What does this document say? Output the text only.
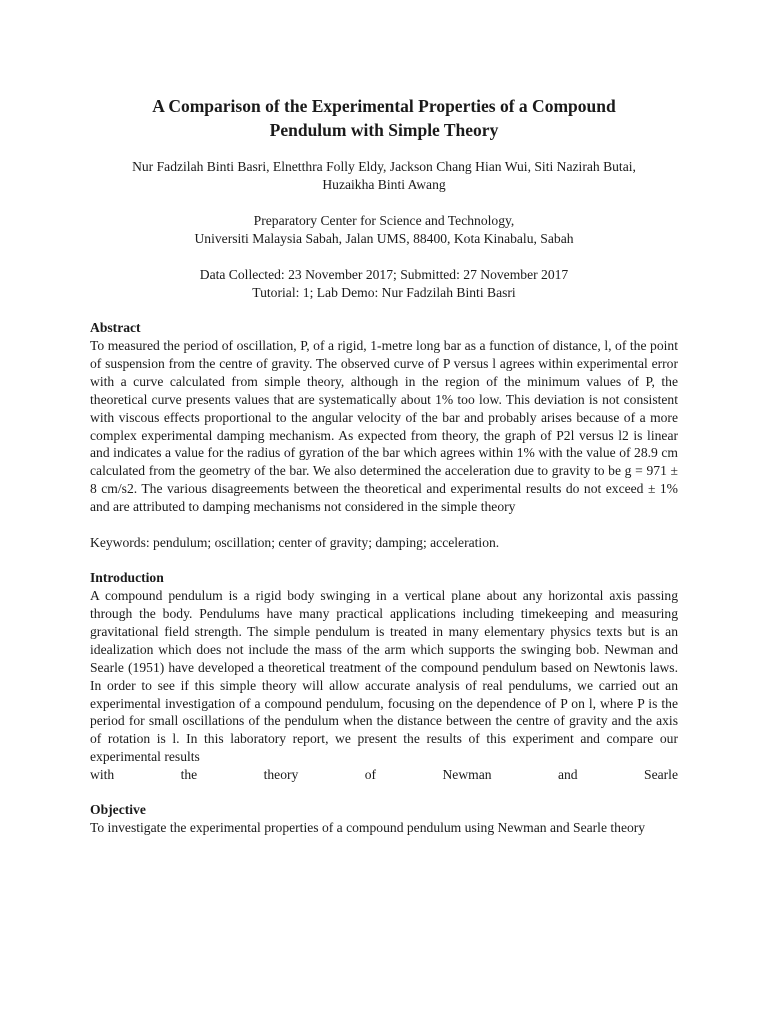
A Comparison of the Experimental Properties of a Compound
Pendulum with Simple Theory
Nur Fadzilah Binti Basri, Elnetthra Folly Eldy, Jackson Chang Hian Wui, Siti Nazirah Butai,
Huzaikha Binti Awang
Preparatory Center for Science and Technology,
Universiti Malaysia Sabah, Jalan UMS, 88400, Kota Kinabalu, Sabah
Data Collected: 23 November 2017; Submitted: 27 November 2017
Tutorial: 1; Lab Demo: Nur Fadzilah Binti Basri
Abstract
To measured the period of oscillation, P, of a rigid, 1-metre long bar as a function of distance, l, of the point of suspension from the centre of gravity. The observed curve of P versus l agrees within experimental error with a curve calculated from simple theory, although in the region of the minimum values of P, the theoretical curve presents values that are systematically about 1% too low. This deviation is not consistent with viscous effects proportional to the angular velocity of the bar and probably arises because of a more complex experimental damping mechanism. As expected from theory, the graph of P2l versus l2 is linear and indicates a value for the radius of gyration of the bar which agrees within 1% with the value of 28.9 cm calculated from the geometry of the bar. We also determined the acceleration due to gravity to be g = 971 ± 8 cm/s2. The various disagreements between the theoretical and experimental results do not exceed ± 1% and are attributed to damping mechanisms not considered in the simple theory
Keywords: pendulum; oscillation; center of gravity; damping; acceleration.
Introduction
A compound pendulum is a rigid body swinging in a vertical plane about any horizontal axis passing through the body. Pendulums have many practical applications including timekeeping and measuring gravitational field strength. The simple pendulum is treated in many elementary physics texts but is an idealization which does not include the mass of the arm which supports the swinging bob. Newman and Searle (1951) have developed a theoretical treatment of the compound pendulum based on Newtonis laws. In order to see if this simple theory will allow accurate analysis of real pendulums, we carried out an experimental investigation of a compound pendulum, focusing on the dependence of P on l, where P is the period for small oscillations of the pendulum when the distance between the centre of gravity and the axis of rotation is l. In this laboratory report, we present the results of this experiment and compare our experimental results
with the theory of Newman and Searle
Objective
To investigate the experimental properties of a compound pendulum using Newman and Searle theory
